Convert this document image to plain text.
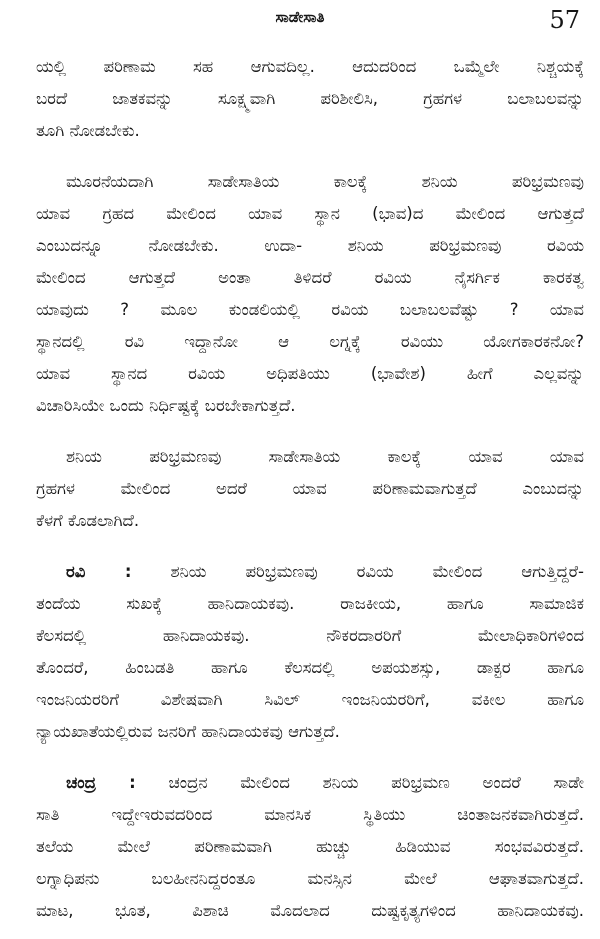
ಸಾಡೇಸಾತಿ	57
ಯಲ್ಲಿ ಪರಿಣಾಮ ಸಹ ಆಗುವದಿಲ್ಲ. ಆದುದರಿಂದ ಒಮ್ಮೆಲೇ ನಿಶ್ಚಯಕ್ಕೆ
ಬರದೆ ಜಾತಕವನ್ನು ಸೂಕ್ಷ್ಮವಾಗಿ ಪರಿಶೀಲಿಸಿ, ಗ್ರಹಗಳ ಬಲಾಬಲವನ್ನು
ತೂಗಿ ನೋಡಬೇಕು.
ಮೂರನೆಯದಾಗಿ ಸಾಡೇಸಾತಿಯ ಕಾಲಕ್ಕೆ ಶನಿಯ ಪರಿಭ್ರಮಣವು
ಯಾವ ಗ್ರಹದ ಮೇಲಿಂದ ಯಾವ ಸ್ಥಾನ (ಭಾವ)ದ ಮೇಲಿಂದ ಆಗುತ್ತದೆ
ಎಂಬುದನ್ನೂ ನೋಡಬೇಕು. ಉದಾ- ಶನಿಯ ಪರಿಭ್ರಮಣವು ರವಿಯ
ಮೇಲಿಂದ ಆಗುತ್ತದೆ ಅಂತಾ ತಿಳಿದರೆ ರವಿಯ ನೈಸರ್ಗಿಕ ಕಾರಕತ್ವ
ಯಾವುದು ? ಮೂಲ ಕುಂಡಲಿಯಲ್ಲಿ ರವಿಯ ಬಲಾಬಲವೆಷ್ಟು ? ಯಾವ
ಸ್ಥಾನದಲ್ಲಿ ರವಿ ಇದ್ದಾನೋ ಆ ಲಗ್ನಕ್ಕೆ ರವಿಯು ಯೋಗಕಾರಕನೋ?
ಯಾವ ಸ್ಥಾನದ ರವಿಯ ಅಧಿಪತಿಯು (ಭಾವೇಶ) ಹೀಗೆ ಎಲ್ಲವನ್ನು
ವಿಚಾರಿಸಿಯೇ ಒಂದು ನಿರ್ಧಿಷ್ಟಕ್ಕೆ ಬರಬೇಕಾಗುತ್ತದೆ.
ಶನಿಯ ಪರಿಭ್ರಮಣವು ಸಾಡೇಸಾತಿಯ ಕಾಲಕ್ಕೆ ಯಾವ ಯಾವ
ಗ್ರಹಗಳ ಮೇಲಿಂದ ಅದರೆ ಯಾವ ಪರಿಣಾಮವಾಗುತ್ತದೆ ಎಂಬುದನ್ನು
ಕೆಳಗೆ ಕೊಡಲಾಗಿದೆ.
ರವಿ : ಶನಿಯ ಪರಿಭ್ರಮಣವು ರವಿಯ ಮೇಲಿಂದ ಆಗುತ್ತಿದ್ದರೆ-
ತಂದೆಯ ಸುಖಕ್ಕೆ ಹಾನಿದಾಯಕವು. ರಾಜಕೀಯ, ಹಾಗೂ ಸಾಮಾಜಿಕ
ಕೆಲಸದಲ್ಲಿ ಹಾನಿದಾಯಕವು. ನೌಕರದಾರರಿಗೆ ಮೇಲಾಧಿಕಾರಿಗಳಿಂದ
ತೊಂದರೆ, ಹಿಂಬಡತಿ ಹಾಗೂ ಕೆಲಸದಲ್ಲಿ ಅಪಯಶಸ್ಸು, ಡಾಕ್ಟರ ಹಾಗೂ
ಇಂಜನಿಯರರಿಗೆ ವಿಶೇಷವಾಗಿ ಸಿವಿಲ್ ಇಂಜನಿಯರರಿಗೆ, ವಕೀಲ ಹಾಗೂ
ನ್ಯಾಯಖಾತೆಯಲ್ಲಿರುವ ಜನರಿಗೆ ಹಾನಿದಾಯಕವು ಆಗುತ್ತದೆ.
ಚಂದ್ರ : ಚಂದ್ರನ ಮೇಲಿಂದ ಶನಿಯ ಪರಿಭ್ರಮಣ ಅಂದರೆ ಸಾಡೇ
ಸಾತಿ ಇದ್ದೇಇರುವದರಿಂದ ಮಾನಸಿಕ ಸ್ಥಿತಿಯು ಚಿಂತಾಜನಕವಾಗಿರುತ್ತದೆ.
ತಲೆಯ ಮೇಲೆ ಪರಿಣಾಮವಾಗಿ ಹುಚ್ಚು ಹಿಡಿಯುವ ಸಂಭವವಿರುತ್ತದೆ.
ಲಗ್ನಾಧಿಪನು ಬಲಹೀನನಿದ್ದರಂತೂ ಮನಸ್ಸಿನ ಮೇಲೆ ಆಘಾತವಾಗುತ್ತದೆ.
ಮಾಟ, ಭೂತ, ಪಿಶಾಚಿ ಮೊದಲಾದ ದುಷ್ಟಕೃತ್ಯಗಳಿಂದ ಹಾನಿದಾಯಕವು.
